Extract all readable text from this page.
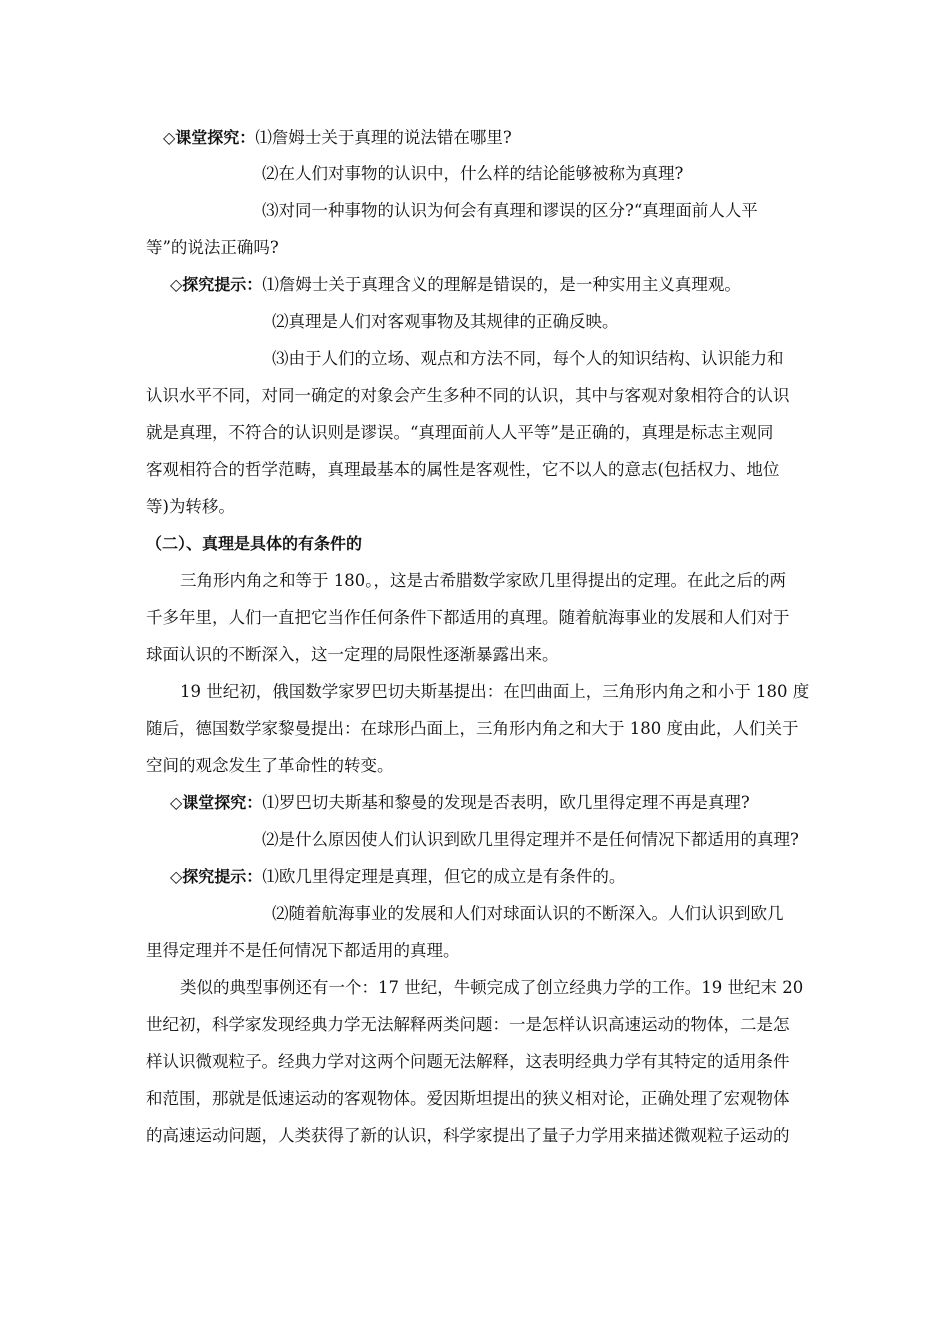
◇课堂探究：⑴詹姆士关于真理的说法错在哪里?
⑵在人们对事物的认识中，什么样的结论能够被称为真理?
⑶对同一种事物的认识为何会有真理和谬误的区分?“真理面前人人平
等”的说法正确吗?
◇探究提示：⑴詹姆士关于真理含义的理解是错误的，是一种实用主义真理观。
⑵真理是人们对客观事物及其规律的正确反映。
⑶由于人们的立场、观点和方法不同，每个人的知识结构、认识能力和
认识水平不同，对同一确定的对象会产生多种不同的认识，其中与客观对象相符合的认识
就是真理，不符合的认识则是谬误。“真理面前人人平等”是正确的，真理是标志主观同
客观相符合的哲学范畴，真理最基本的属性是客观性，它不以人的意志(包括权力、地位
等)为转移。
（二）、真理是具体的有条件的
三角形内角之和等于 180。，这是古希腊数学家欧几里得提出的定理。在此之后的两
千多年里，人们一直把它当作任何条件下都适用的真理。随着航海事业的发展和人们对于
球面认识的不断深入，这一定理的局限性逐渐暴露出来。
19 世纪初，俄国数学家罗巴切夫斯基提出：在凹曲面上，三角形内角之和小于 180 度
随后，德国数学家黎曼提出：在球形凸面上，三角形内角之和大于 180 度由此，人们关于
空间的观念发生了革命性的转变。
◇课堂探究：⑴罗巴切夫斯基和黎曼的发现是否表明，欧几里得定理不再是真理?
⑵是什么原因使人们认识到欧几里得定理并不是任何情况下都适用的真理?
◇探究提示：⑴欧几里得定理是真理，但它的成立是有条件的。
⑵随着航海事业的发展和人们对球面认识的不断深入。人们认识到欧几
里得定理并不是任何情况下都适用的真理。
类似的典型事例还有一个：17 世纪，牛顿完成了创立经典力学的工作。19 世纪末 20
世纪初，科学家发现经典力学无法解释两类问题：一是怎样认识高速运动的物体，二是怎
样认识微观粒子。经典力学对这两个问题无法解释，这表明经典力学有其特定的适用条件
和范围，那就是低速运动的客观物体。爱因斯坦提出的狭义相对论，正确处理了宏观物体
的高速运动问题，人类获得了新的认识，科学家提出了量子力学用来描述微观粒子运动的
